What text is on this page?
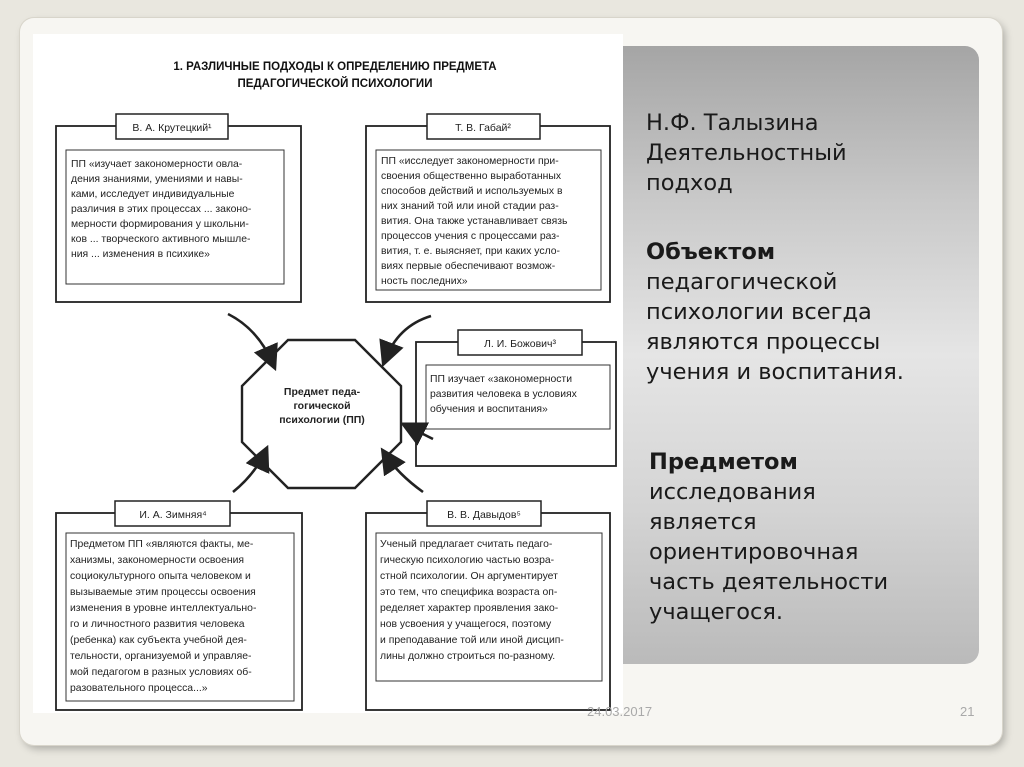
1. РАЗЛИЧНЫЕ ПОДХОДЫ К ОПРЕДЕЛЕНИЮ ПРЕДМЕТА
ПЕДАГОГИЧЕСКОЙ ПСИХОЛОГИИ
В. А. Крутецкий¹
ПП «изучает закономерности овла-
дения знаниями, умениями и навы-
ками, исследует индивидуальные
различия в этих процессах ... законо-
мерности формирования у школьни-
ков ... творческого активного мышле-
ния ... изменения в психике»
Т. В. Габай²
ПП «исследует закономерности при-
своения общественно выработанных
способов действий и используемых в
них знаний той или иной стадии раз-
вития. Она также устанавливает связь
процессов учения с процессами раз-
вития, т. е. выясняет, при каких усло-
виях первые обеспечивают возмож-
ность последних»
Л. И. Божович³
ПП изучает «закономерности
развития человека в условиях
обучения и воспитания»
Предмет педа-
гогической
психологии (ПП)
И. А. Зимняя⁴
Предметом ПП «являются факты, ме-
ханизмы, закономерности освоения
социокультурного опыта человеком и
вызываемые этим процессы освоения
изменения в уровне интеллектуально-
го и личностного развития человека
(ребенка) как субъекта учебной дея-
тельности, организуемой и управляе-
мой педагогом в разных условиях об-
разовательного процесса...»
В. В. Давыдов⁵
Ученый предлагает считать педаго-
гическую психологию частью возра-
стной психологии. Он аргументирует
это тем, что специфика возраста оп-
ределяет характер проявления зако-
нов усвоения у учащегося, поэтому
и преподавание той или иной дисцип-
лины должно строиться по-разному.
Н.Ф. Талызина
Деятельностный
подход
Объектом
педагогической
психологии всегда
являются процессы
учения и воспитания.
Предметом
исследования
является
ориентировочная
часть деятельности
учащегося.
24.03.2017	21
